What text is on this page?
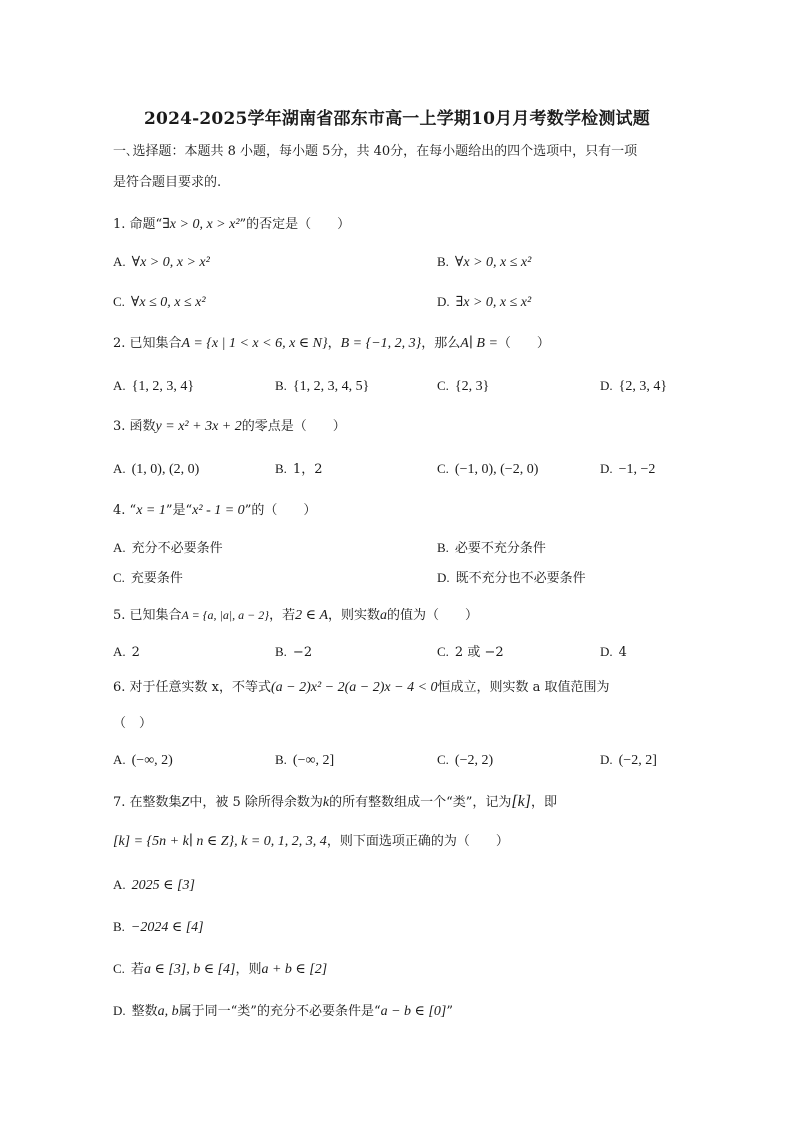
2024-2025学年湖南省邵东市高一上学期10月月考数学检测试题
一､选择题：本题共 8 小题，每小题 5分，共 40分，在每小题给出的四个选项中，只有一项
是符合题目要求的.
1. 命题“∃x > 0, x > x²”的否定是（　　）
A. ∀x > 0, x > x²	B. ∀x > 0, x ≤ x²
C. ∀x ≤ 0, x ≤ x²	D. ∃x > 0, x ≤ x²
2. 已知集合A = {x | 1 < x < 6, x ∈ N}，B = {−1, 2, 3}，那么A∣ B =（　　）
A. {1, 2, 3, 4}	B. {1, 2, 3, 4, 5}	C. {2, 3}	D. {2, 3, 4}
3. 函数y = x² + 3x + 2的零点是（　　）
A. (1, 0), (2, 0)	B. 1，2	C. (−1, 0), (−2, 0)	D. −1, −2
4. “x = 1”是“x² - 1 = 0”的（　　）
A. 充分不必要条件	B. 必要不充分条件
C. 充要条件	D. 既不充分也不必要条件
5. 已知集合A = {a, |a|, a − 2}，若2 ∈ A，则实数a的值为（　　）
A. 2	B. −2	C. 2 或 −2	D. 4
6. 对于任意实数 x，不等式(a − 2)x² − 2(a − 2)x − 4 < 0恒成立，则实数 a 取值范围为
（　）
A. (−∞, 2)	B. (−∞, 2]	C. (−2, 2)	D. (−2, 2]
7. 在整数集Z中，被 5 除所得余数为k的所有整数组成一个“类”，记为[k]，即
[k] = {5n + k∣ n ∈ Z}, k = 0, 1, 2, 3, 4，则下面选项正确的为（　　）
A. 2025 ∈ [3]
B. −2024 ∈ [4]
C. 若a ∈ [3], b ∈ [4]，则a + b ∈ [2]
D. 整数a, b属于同一“类”的充分不必要条件是“a − b ∈ [0]”
